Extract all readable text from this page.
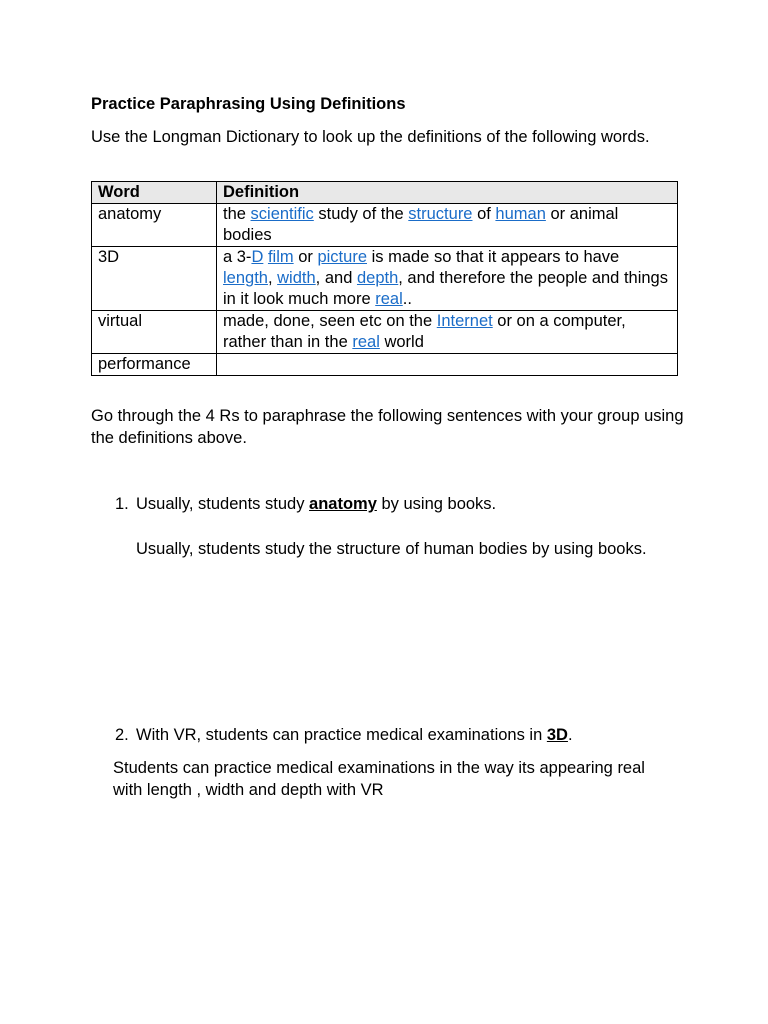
Practice Paraphrasing Using Definitions
Use the Longman Dictionary to look up the definitions of the following words.
Word	Definition
anatomy	the scientific study of the structure of human or animal bodies
3D	a 3-D film or picture is made so that it appears to have length, width, and depth, and therefore the people and things in it look much more real..
virtual	made, done, seen etc on the Internet or on a computer, rather than in the real world
performance	
Go through the 4 Rs to paraphrase the following sentences with your group using the definitions above.
1. Usually, students study anatomy by using books.
Usually, students study the structure of human bodies by using books.
2. With VR, students can practice medical examinations in 3D.
Students can practice medical examinations in the way its appearing real with length , width and depth with VR
